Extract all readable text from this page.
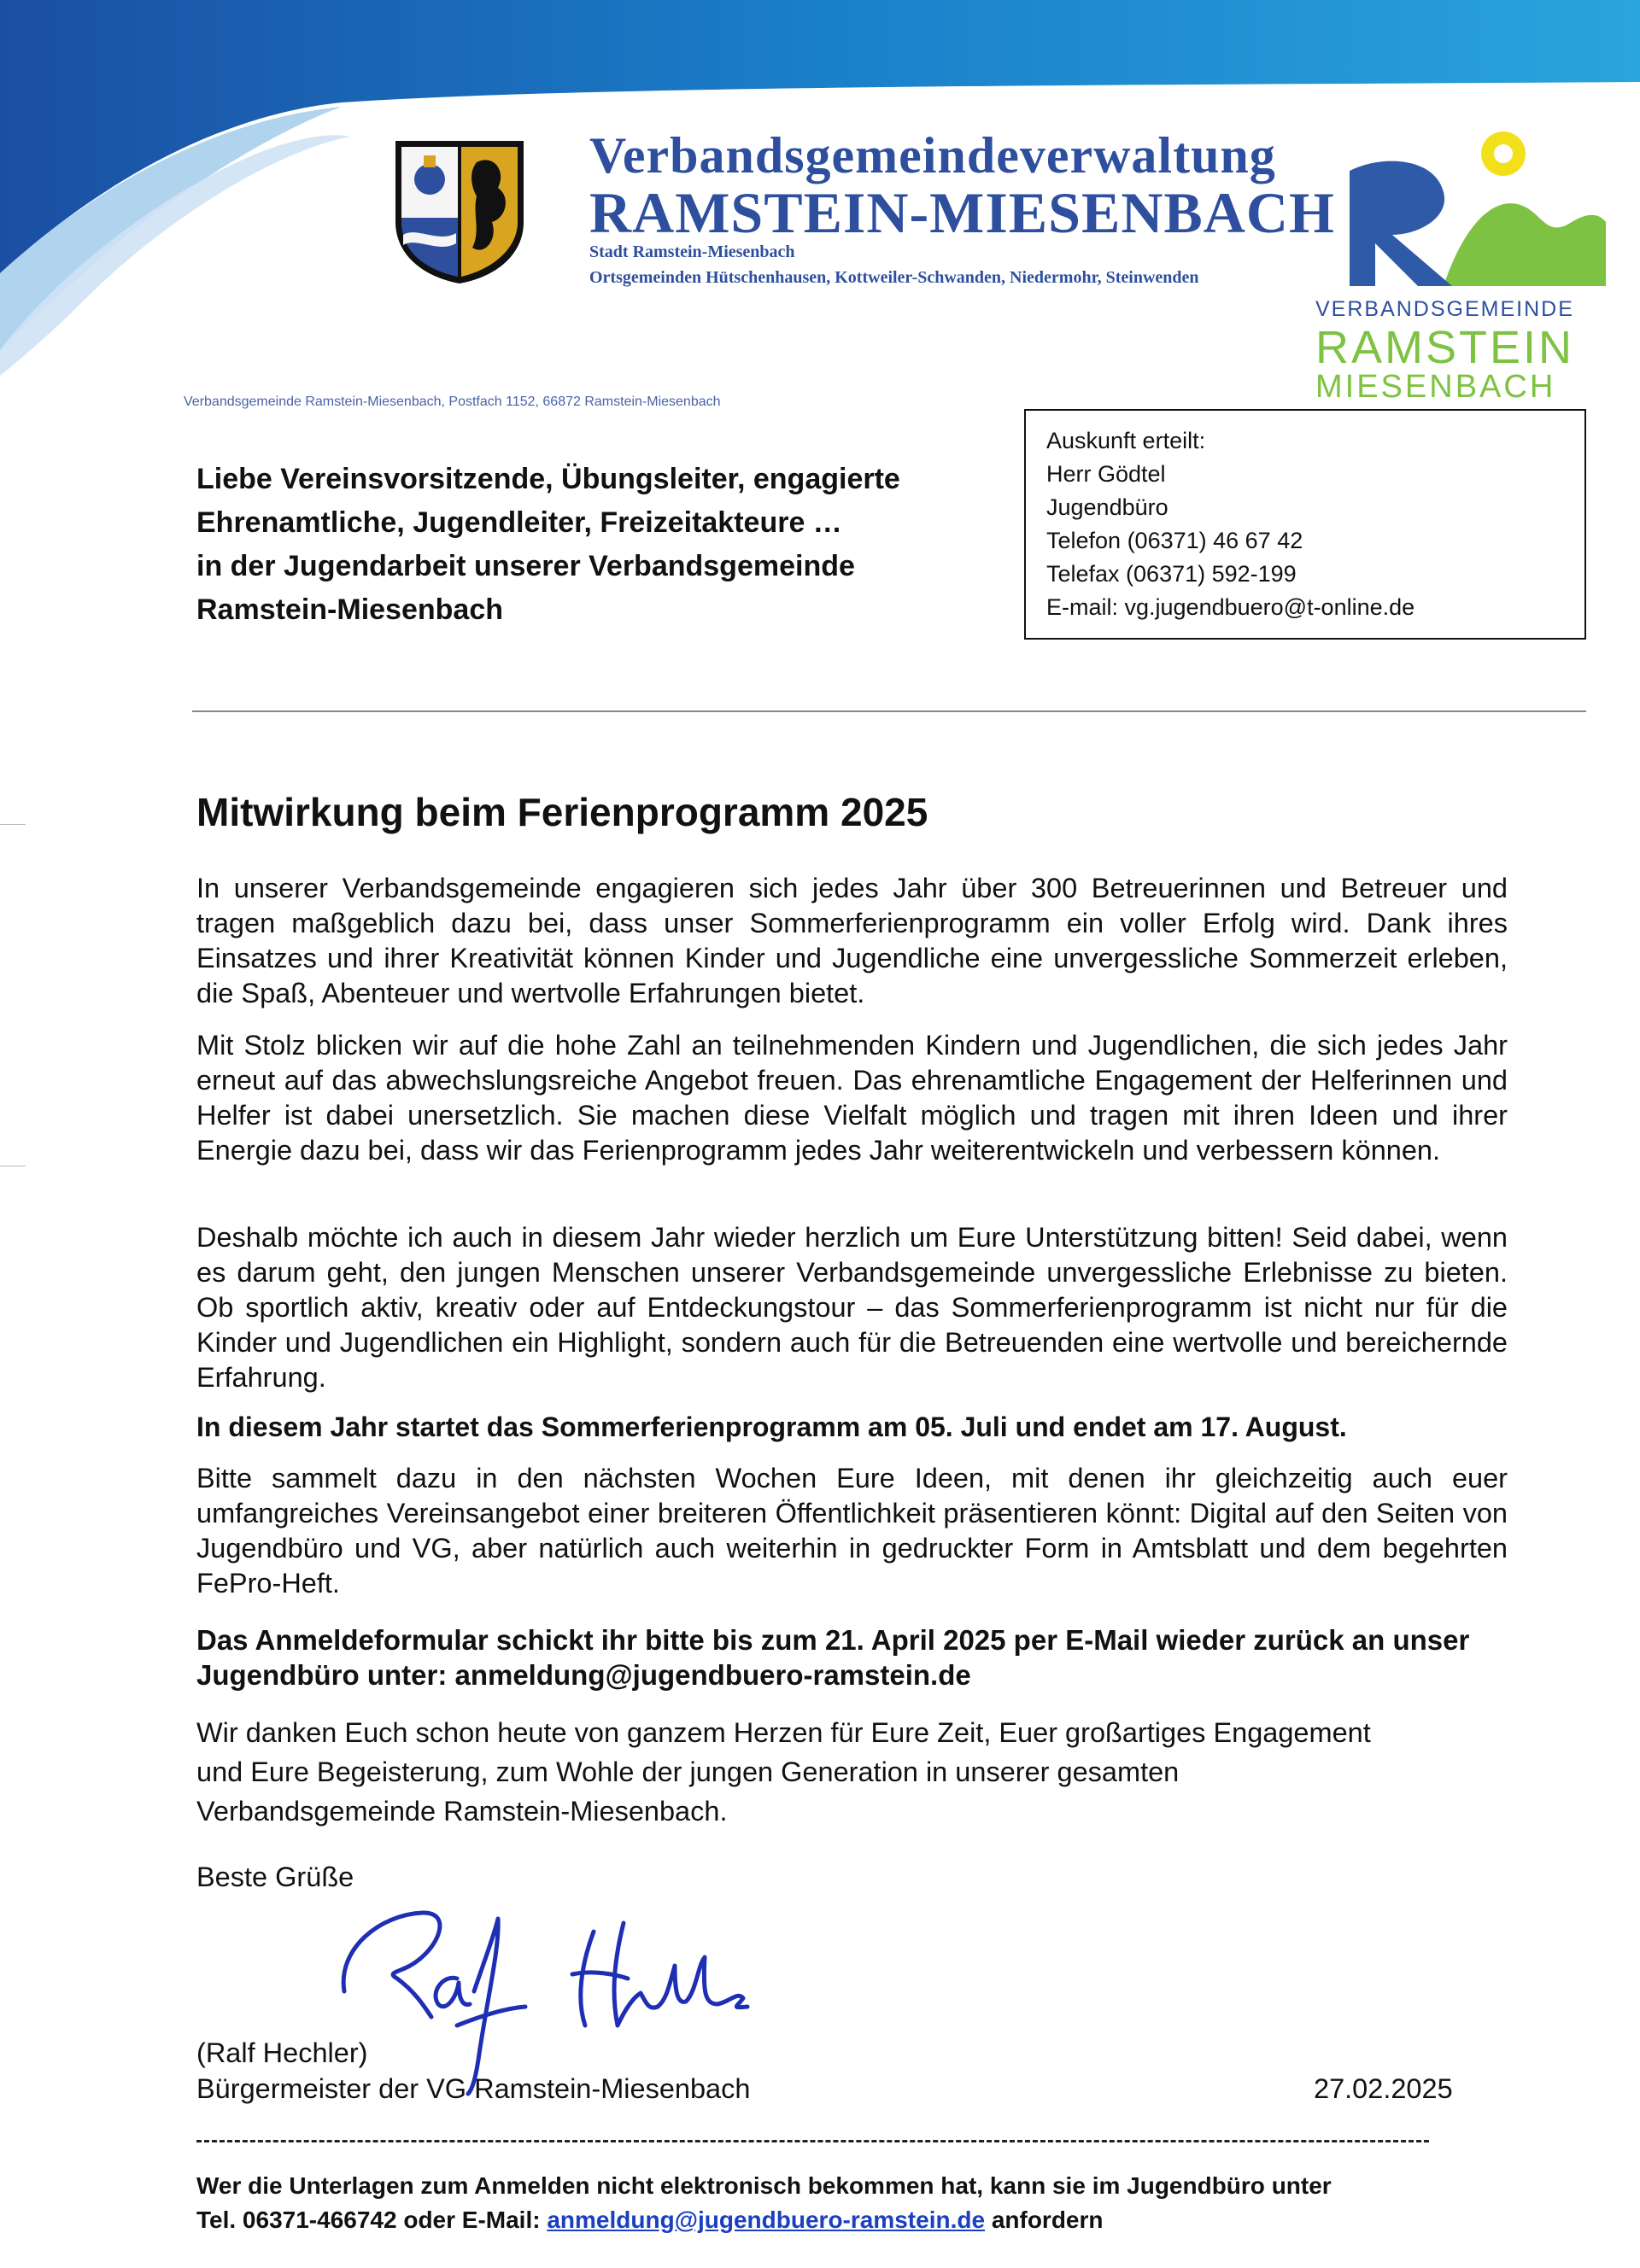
Verbandsgemeindeverwaltung
RAMSTEIN-MIESENBACH
Stadt Ramstein-Miesenbach
Ortsgemeinden Hütschenhausen, Kottweiler-Schwanden, Niedermohr, Steinwenden
VERBANDSGEMEINDE
RAMSTEIN
MIESENBACH
Verbandsgemeinde Ramstein-Miesenbach, Postfach 1152, 66872 Ramstein-Miesenbach
Auskunft erteilt:
Herr Gödtel
Jugendbüro
Telefon (06371) 46 67 42
Telefax (06371) 592-199
E-mail: vg.jugendbuero@t-online.de
Liebe Vereinsvorsitzende, Übungsleiter, engagierte
Ehrenamtliche, Jugendleiter, Freizeitakteure …
in der Jugendarbeit unserer Verbandsgemeinde
Ramstein-Miesenbach
Mitwirkung beim Ferienprogramm 2025
In unserer Verbandsgemeinde engagieren sich jedes Jahr über 300 Betreuerinnen und Betreuer und tragen maßgeblich dazu bei, dass unser Sommerferienprogramm ein voller Erfolg wird. Dank ihres Einsatzes und ihrer Kreativität können Kinder und Jugendliche eine unvergessliche Sommerzeit erleben, die Spaß, Abenteuer und wertvolle Erfahrungen bietet.
Mit Stolz blicken wir auf die hohe Zahl an teilnehmenden Kindern und Jugendlichen, die sich jedes Jahr erneut auf das abwechslungsreiche Angebot freuen. Das ehrenamtliche Engagement der Helferinnen und Helfer ist dabei unersetzlich. Sie machen diese Vielfalt möglich und tragen mit ihren Ideen und ihrer Energie dazu bei, dass wir das Ferienprogramm jedes Jahr weiterentwickeln und verbessern können.
Deshalb möchte ich auch in diesem Jahr wieder herzlich um Eure Unterstützung bitten! Seid dabei, wenn es darum geht, den jungen Menschen unserer Verbandsgemeinde unvergessliche Erlebnisse zu bieten. Ob sportlich aktiv, kreativ oder auf Entdeckungstour – das Sommerferienprogramm ist nicht nur für die Kinder und Jugendlichen ein Highlight, sondern auch für die Betreuenden eine wertvolle und bereichernde Erfahrung.
In diesem Jahr startet das Sommerferienprogramm am 05. Juli und endet am 17. August.
Bitte sammelt dazu in den nächsten Wochen Eure Ideen, mit denen ihr gleichzeitig auch euer umfangreiches Vereinsangebot einer breiteren Öffentlichkeit präsentieren könnt: Digital auf den Seiten von Jugendbüro und VG, aber natürlich auch weiterhin in gedruckter Form in Amtsblatt und dem begehrten FePro-Heft.
Das Anmeldeformular schickt ihr bitte bis zum 21. April 2025 per E-Mail wieder zurück an unser Jugendbüro unter: anmeldung@jugendbuero-ramstein.de
Wir danken Euch schon heute von ganzem Herzen für Eure Zeit, Euer großartiges Engagement
und Eure Begeisterung, zum Wohle der jungen Generation in unserer gesamten
Verbandsgemeinde Ramstein-Miesenbach.
Beste Grüße
(Ralf Hechler)
Bürgermeister der VG Ramstein-Miesenbach	27.02.2025
Wer die Unterlagen zum Anmelden nicht elektronisch bekommen hat, kann sie im Jugendbüro unter
Tel. 06371-466742 oder E-Mail: anmeldung@jugendbuero-ramstein.de anfordern
